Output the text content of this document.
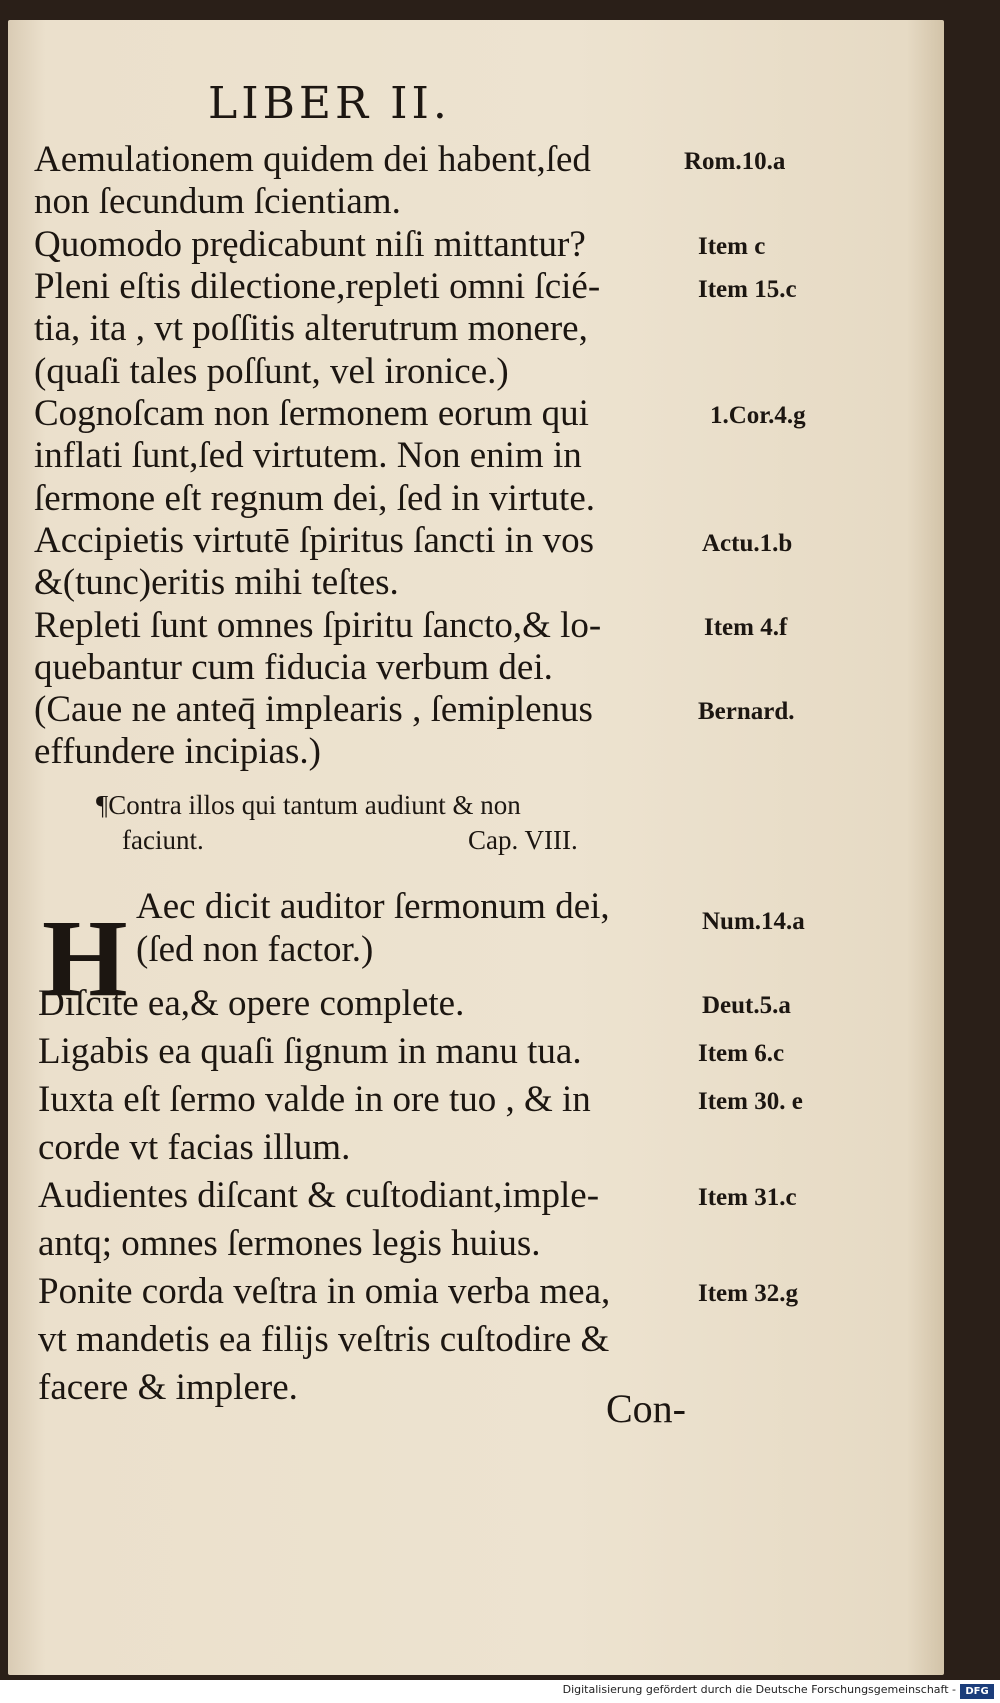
LIBER II.
Aemulationem quidem dei habent,ſed
non ſecundum ſcientiam.
Quomodo prędicabunt niſi mittantur?
Pleni eſtis dilectione,repleti omni ſcié-
tia, ita , vt poſſitis alterutrum monere,
(quaſi tales poſſunt, vel ironice.)
Cognoſcam non ſermonem eorum qui
inflati ſunt,ſed virtutem. Non enim in
ſermone eſt regnum dei, ſed in virtute.
Accipietis virtutē ſpiritus ſancti in vos
&(tunc)eritis mihi teſtes.
Repleti ſunt omnes ſpiritu ſancto,& lo-
quebantur cum fiducia verbum dei.
(Caue ne anteq̄ implearis , ſemiplenus
effundere incipias.)
Rom.10.a
Item c
Item 15.c
1.Cor.4.g
Actu.1.b
Item 4.f
Bernard.
¶Contra illos qui tantum audiunt & non
faciunt.	Cap. VIII.
H Aec dicit auditor ſermonum dei,
(ſed non factor.)
Diſcite ea,& opere complete.
Ligabis ea quaſi ſignum in manu tua.
Iuxta eſt ſermo valde in ore tuo , & in
corde vt facias illum.
Audientes diſcant & cuſtodiant,imple-
antq; omnes ſermones legis huius.
Ponite corda veſtra in omia verba mea,
vt mandetis ea filijs veſtris cuſtodire &
facere & implere.
Num.14.a
Deut.5.a
Item 6.c
Item 30. e
Item 31.c
Item 32.g
Con-
Digitalisierung gefördert durch die Deutsche Forschungsgemeinschaft - DFG
